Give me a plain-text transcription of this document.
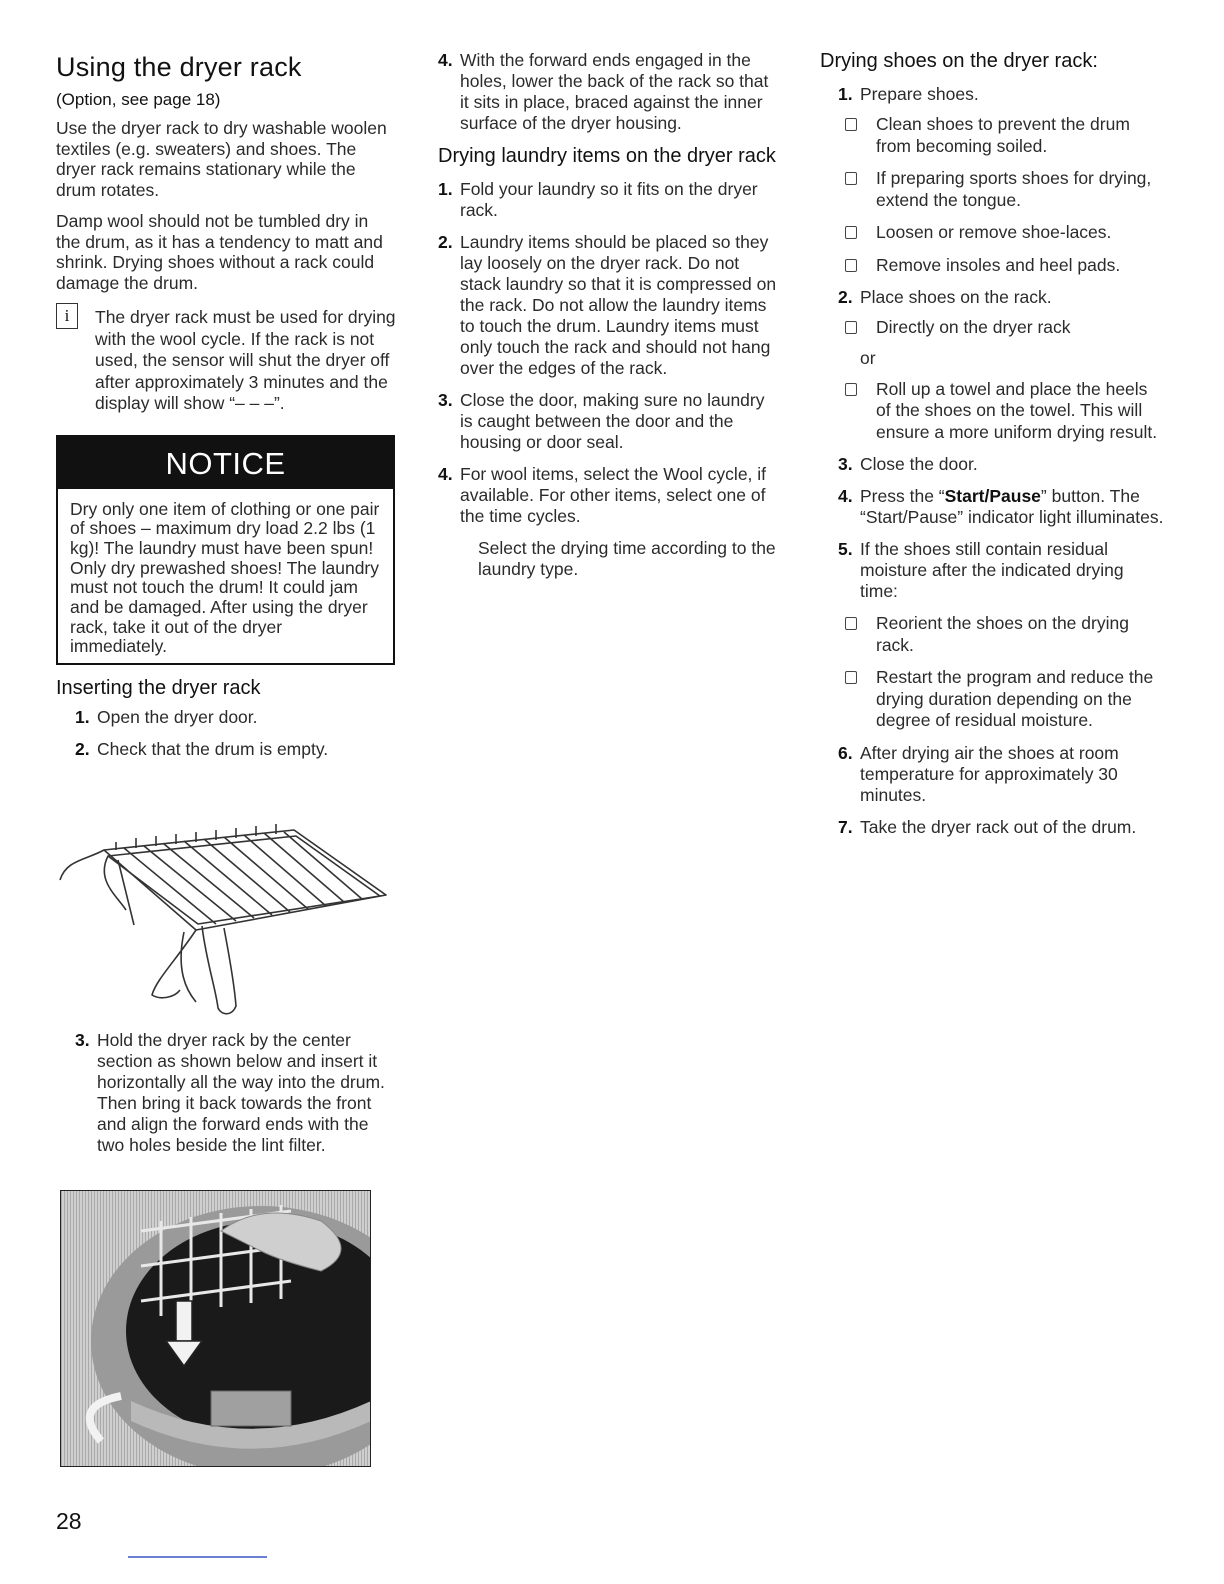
Using the dryer rack
(Option, see page 18)

Use the dryer rack to dry washable woolen textiles (e.g. sweaters) and shoes. The dryer rack remains stationary while the drum rotates.

Damp wool should not be tumbled dry in the drum, as it has a tendency to matt and shrink. Drying shoes without a rack could damage the drum.

i	The dryer rack must be used for drying with the wool cycle. If the rack is not used, the sensor will shut the dryer off after approximately 3 minutes and the display will show “– – –”.

NOTICE
Dry only one item of clothing or one pair of shoes – maximum dry load 2.2 lbs (1 kg)! The laundry must have been spun! Only dry prewashed shoes! The laundry must not touch the drum! It could jam and be damaged. After using the dryer rack, take it out of the dryer immediately.
Inserting the dryer rack
1. Open the dryer door.
2. Check that the drum is empty.
3. Hold the dryer rack by the center section as shown below and insert it horizontally all the way into the drum. Then bring it back towards the front and align the forward ends with the two holes beside the lint filter.
4. With the forward ends engaged in the holes, lower the back of the rack so that it sits in place, braced against the inner surface of the dryer housing.
Drying laundry items on the dryer rack
1. Fold your laundry so it fits on the dryer rack.
2. Laundry items should be placed so they lay loosely on the dryer rack. Do not stack laundry so that it is compressed on the rack. Do not allow the laundry items to touch the drum. Laundry items must only touch the rack and should not hang over the edges of the rack.
3. Close the door, making sure no laundry is caught between the door and the housing or door seal.
4. For wool items, select the Wool cycle, if available. For other items, select one of the time cycles.

Select the drying time according to the laundry type.

Drying shoes on the dryer rack:
1. Prepare shoes.
Clean shoes to prevent the drum from becoming soiled.
If preparing sports shoes for drying, extend the tongue.
Loosen or remove shoe-laces.
Remove insoles and heel pads.
2. Place shoes on the rack.
Directly on the dryer rack
or
Roll up a towel and place the heels of the shoes on the towel. This will ensure a more uniform drying result.
3. Close the door.
4. Press the “Start/Pause” button. The “Start/Pause” indicator light illuminates.
5. If the shoes still contain residual moisture after the indicated drying time:
Reorient the shoes on the drying rack.
Restart the program and reduce the drying duration depending on the degree of residual moisture.
6. After drying air the shoes at room temperature for approximately 30 minutes.
7. Take the dryer rack out of the drum.
28
